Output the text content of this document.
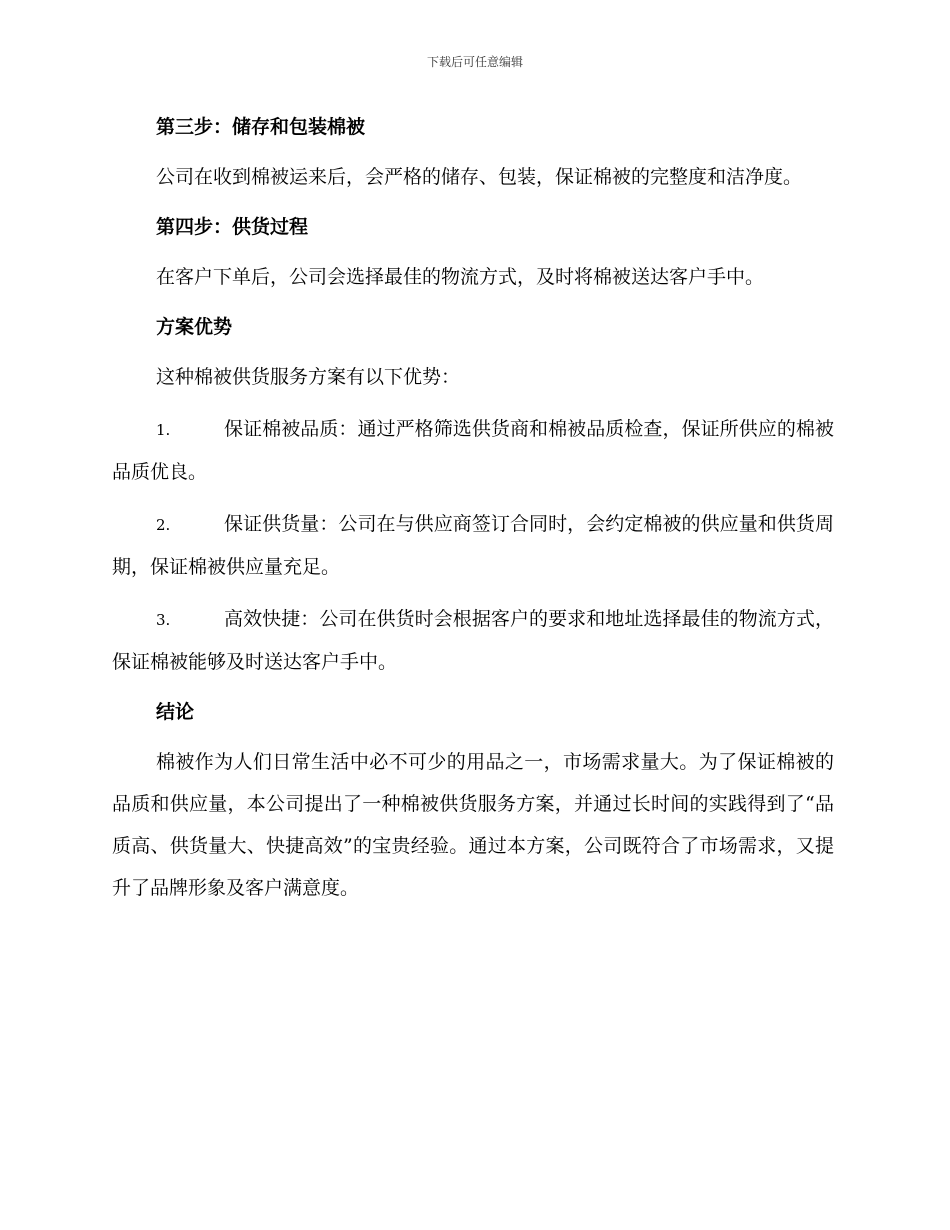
下载后可任意编辑
第三步：储存和包装棉被

公司在收到棉被运来后，会严格的储存、包装，保证棉被的完整度和洁净度。

第四步：供货过程

在客户下单后，公司会选择最佳的物流方式，及时将棉被送达客户手中。

方案优势

这种棉被供货服务方案有以下优势：

1.	保证棉被品质：通过严格筛选供货商和棉被品质检查，保证所供应的棉被品质优良。
2.	保证供货量：公司在与供应商签订合同时，会约定棉被的供应量和供货周期，保证棉被供应量充足。
3.	高效快捷：公司在供货时会根据客户的要求和地址选择最佳的物流方式，保证棉被能够及时送达客户手中。
结论

棉被作为人们日常生活中必不可少的用品之一，市场需求量大。为了保证棉被的品质和供应量，本公司提出了一种棉被供货服务方案，并通过长时间的实践得到了“品质高、供货量大、快捷高效”的宝贵经验。通过本方案，公司既符合了市场需求，又提升了品牌形象及客户满意度。
